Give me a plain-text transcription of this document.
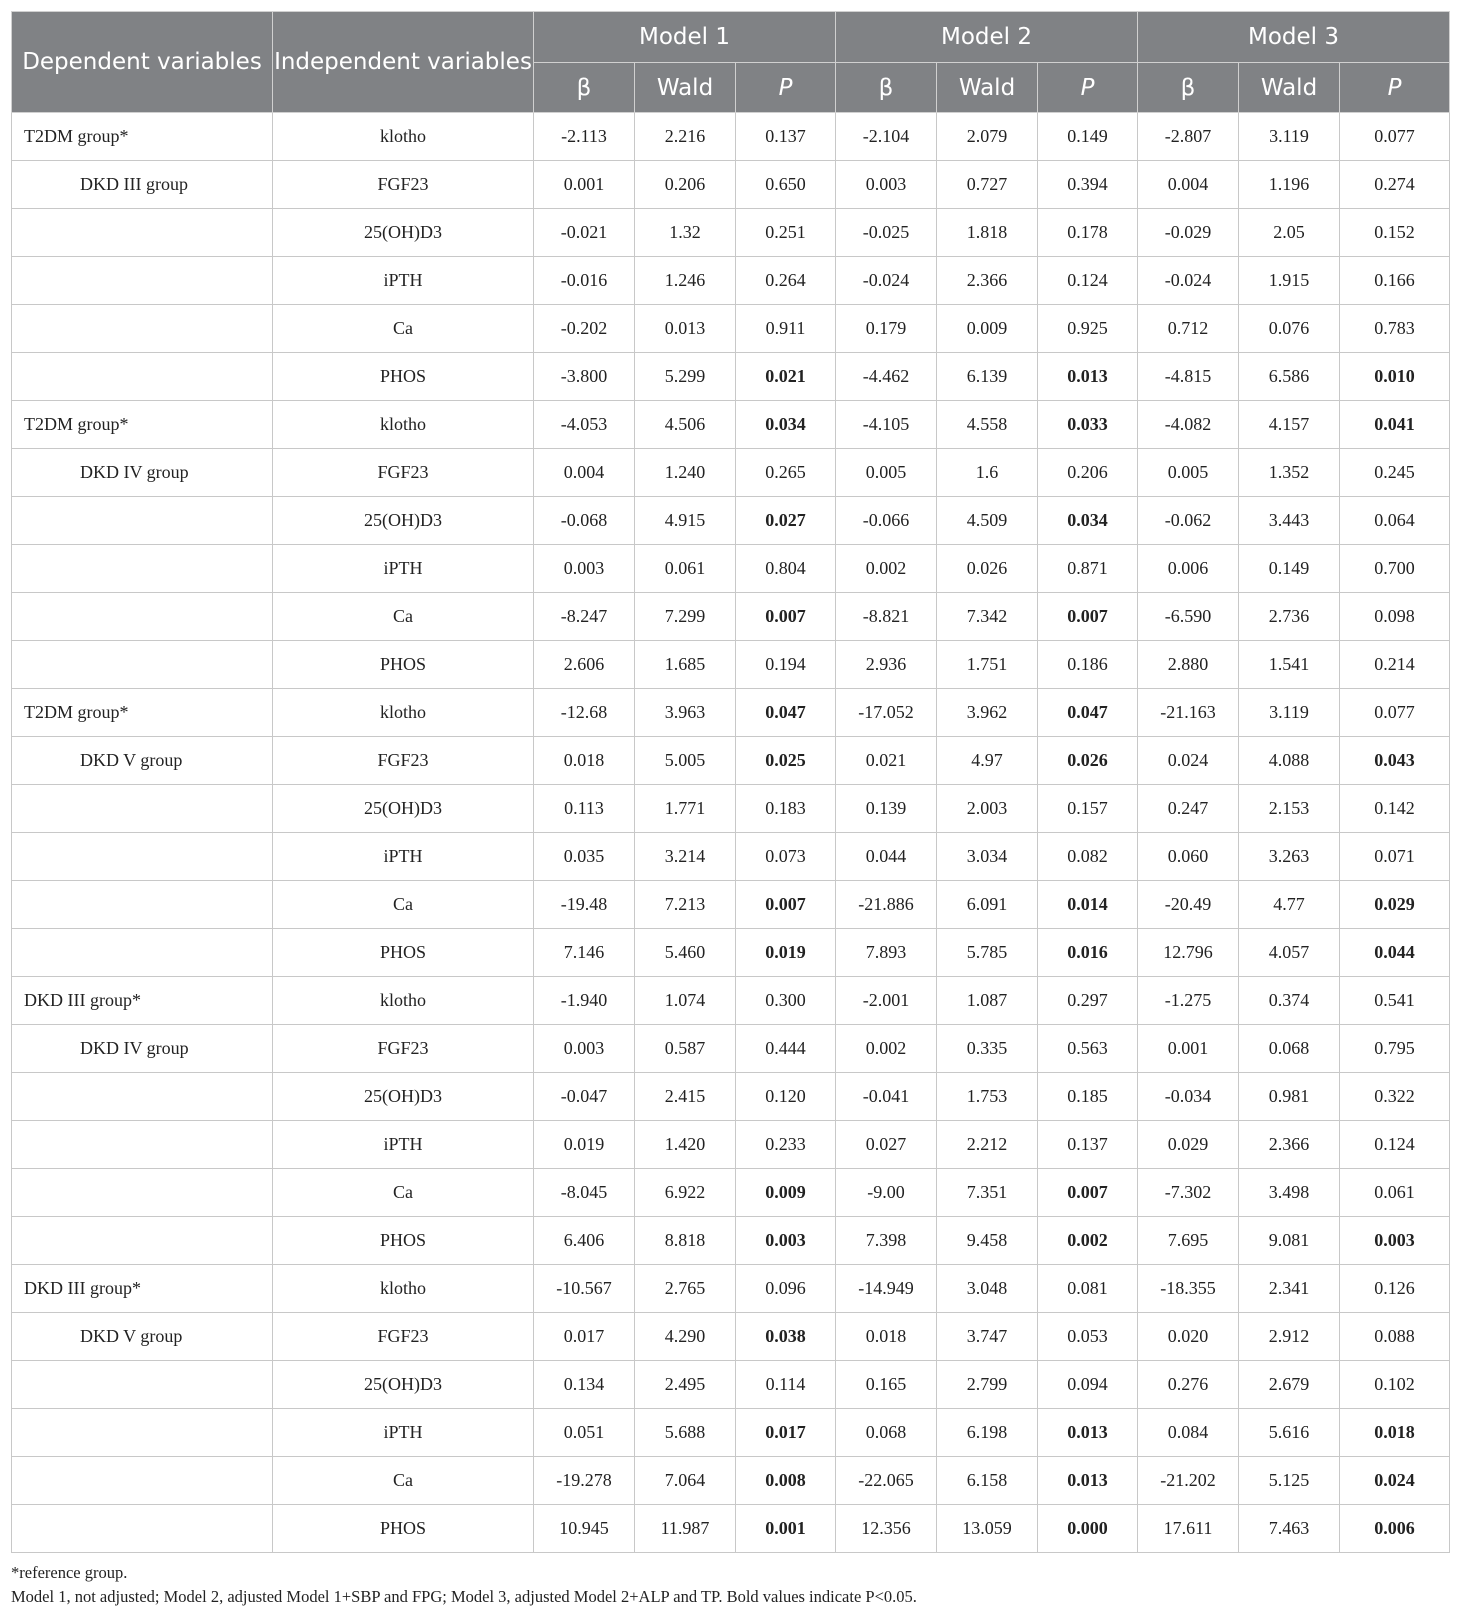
Dependent variables	Independent variables	Model 1			Model 2			Model 3		
		β	Wald	P	β	Wald	P	β	Wald	P
T2DM group*	klotho	-2.113	2.216	0.137	-2.104	2.079	0.149	-2.807	3.119	0.077
DKD III group	FGF23	0.001	0.206	0.650	0.003	0.727	0.394	0.004	1.196	0.274
	25(OH)D3	-0.021	1.32	0.251	-0.025	1.818	0.178	-0.029	2.05	0.152
	iPTH	-0.016	1.246	0.264	-0.024	2.366	0.124	-0.024	1.915	0.166
	Ca	-0.202	0.013	0.911	0.179	0.009	0.925	0.712	0.076	0.783
	PHOS	-3.800	5.299	0.021	-4.462	6.139	0.013	-4.815	6.586	0.010
T2DM group*	klotho	-4.053	4.506	0.034	-4.105	4.558	0.033	-4.082	4.157	0.041
DKD IV group	FGF23	0.004	1.240	0.265	0.005	1.6	0.206	0.005	1.352	0.245
	25(OH)D3	-0.068	4.915	0.027	-0.066	4.509	0.034	-0.062	3.443	0.064
	iPTH	0.003	0.061	0.804	0.002	0.026	0.871	0.006	0.149	0.700
	Ca	-8.247	7.299	0.007	-8.821	7.342	0.007	-6.590	2.736	0.098
	PHOS	2.606	1.685	0.194	2.936	1.751	0.186	2.880	1.541	0.214
T2DM group*	klotho	-12.68	3.963	0.047	-17.052	3.962	0.047	-21.163	3.119	0.077
DKD V group	FGF23	0.018	5.005	0.025	0.021	4.97	0.026	0.024	4.088	0.043
	25(OH)D3	0.113	1.771	0.183	0.139	2.003	0.157	0.247	2.153	0.142
	iPTH	0.035	3.214	0.073	0.044	3.034	0.082	0.060	3.263	0.071
	Ca	-19.48	7.213	0.007	-21.886	6.091	0.014	-20.49	4.77	0.029
	PHOS	7.146	5.460	0.019	7.893	5.785	0.016	12.796	4.057	0.044
DKD III group*	klotho	-1.940	1.074	0.300	-2.001	1.087	0.297	-1.275	0.374	0.541
DKD IV group	FGF23	0.003	0.587	0.444	0.002	0.335	0.563	0.001	0.068	0.795
	25(OH)D3	-0.047	2.415	0.120	-0.041	1.753	0.185	-0.034	0.981	0.322
	iPTH	0.019	1.420	0.233	0.027	2.212	0.137	0.029	2.366	0.124
	Ca	-8.045	6.922	0.009	-9.00	7.351	0.007	-7.302	3.498	0.061
	PHOS	6.406	8.818	0.003	7.398	9.458	0.002	7.695	9.081	0.003
DKD III group*	klotho	-10.567	2.765	0.096	-14.949	3.048	0.081	-18.355	2.341	0.126
DKD V group	FGF23	0.017	4.290	0.038	0.018	3.747	0.053	0.020	2.912	0.088
	25(OH)D3	0.134	2.495	0.114	0.165	2.799	0.094	0.276	2.679	0.102
	iPTH	0.051	5.688	0.017	0.068	6.198	0.013	0.084	5.616	0.018
	Ca	-19.278	7.064	0.008	-22.065	6.158	0.013	-21.202	5.125	0.024
	PHOS	10.945	11.987	0.001	12.356	13.059	0.000	17.611	7.463	0.006
*reference group.
Model 1, not adjusted; Model 2, adjusted Model 1+SBP and FPG; Model 3, adjusted Model 2+ALP and TP. Bold values indicate P<0.05.
